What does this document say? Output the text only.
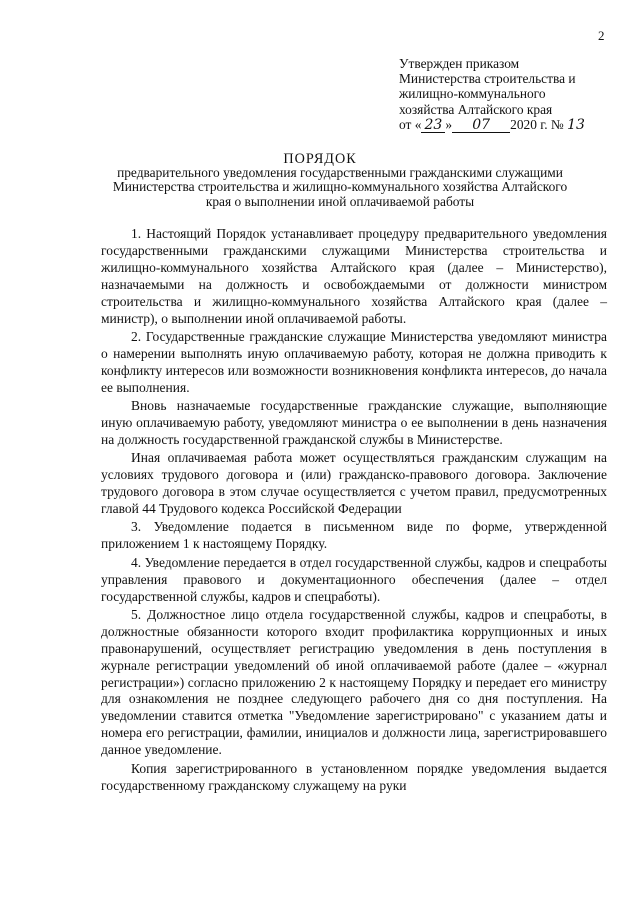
2
Утвержден приказом
Министерства строительства и
жилищно-коммунального
хозяйства Алтайского края
от « 23 » 07 2020 г. № 13
ПОРЯДОК
предварительного уведомления государственными гражданскими служащими Министерства строительства и жилищно-коммунального хозяйства Алтайского края о выполнении иной оплачиваемой работы

1. Настоящий Порядок устанавливает процедуру предварительного уведомления государственными гражданскими служащими Министерства строительства и жилищно-коммунального хозяйства Алтайского края (далее – Министерство), назначаемыми на должность и освобождаемыми от должности министром строительства и жилищно-коммунального хозяйства Алтайского края (далее – министр), о выполнении иной оплачиваемой работы.

2. Государственные гражданские служащие Министерства уведомляют министра о намерении выполнять иную оплачиваемую работу, которая не должна приводить к конфликту интересов или возможности возникновения конфликта интересов, до начала ее выполнения.

Вновь назначаемые государственные гражданские служащие, выполняющие иную оплачиваемую работу, уведомляют министра о ее выполнении в день назначения на должность государственной гражданской службы в Министерстве.

Иная оплачиваемая работа может осуществляться гражданским служащим на условиях трудового договора и (или) гражданско-правового договора. Заключение трудового договора в этом случае осуществляется с учетом правил, предусмотренных главой 44 Трудового кодекса Российской Федерации

3. Уведомление подается в письменном виде по форме, утвержденной приложением 1 к настоящему Порядку.

4. Уведомление передается в отдел государственной службы, кадров и спецработы управления правового и документационного обеспечения (далее – отдел государственной службы, кадров и спецработы).

5. Должностное лицо отдела государственной службы, кадров и спецработы, в должностные обязанности которого входит профилактика коррупционных и иных правонарушений, осуществляет регистрацию уведомления в день поступления в журнале регистрации уведомлений об иной оплачиваемой работе (далее – «журнал регистрации») согласно приложению 2 к настоящему Порядку и передает его министру для ознакомления не позднее следующего рабочего дня со дня поступления. На уведомлении ставится отметка "Уведомление зарегистрировано" с указанием даты и номера его регистрации, фамилии, инициалов и должности лица, зарегистрировавшего данное уведомление.

Копия зарегистрированного в установленном порядке уведомления выдается государственному гражданскому служащему на руки
